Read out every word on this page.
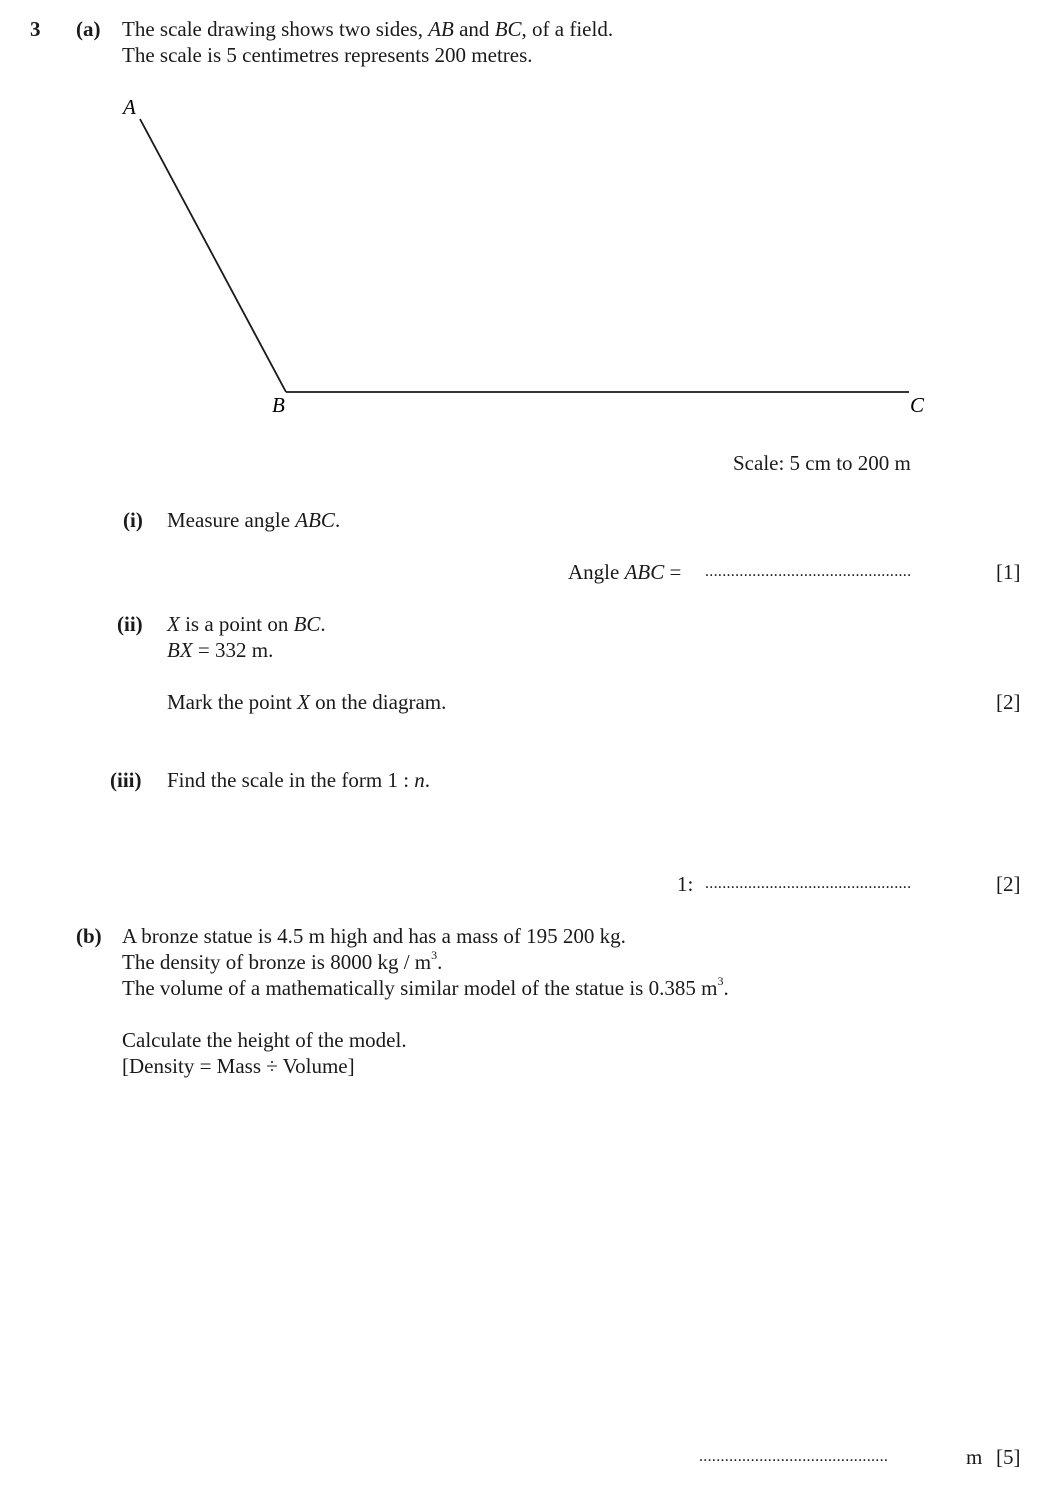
3 (a) The scale drawing shows two sides, AB and BC, of a field.
The scale is 5 centimetres represents 200 metres.
A
B	C
Scale: 5 cm to 200 m
(i) Measure angle ABC.
Angle ABC = ................................................	[1]
(ii) X is a point on BC.
BX = 332 m.
Mark the point X on the diagram.	[2]
(iii) Find the scale in the form 1 : n.
1: ................................................	[2]
(b) A bronze statue is 4.5 m high and has a mass of 195 200 kg.
The density of bronze is 8000 kg / $m^3$.
The volume of a mathematically similar model of the statue is 0.385 $m^3$.
Calculate the height of the model.
[Density = Mass ÷ Volume]
............................................	m [5]
